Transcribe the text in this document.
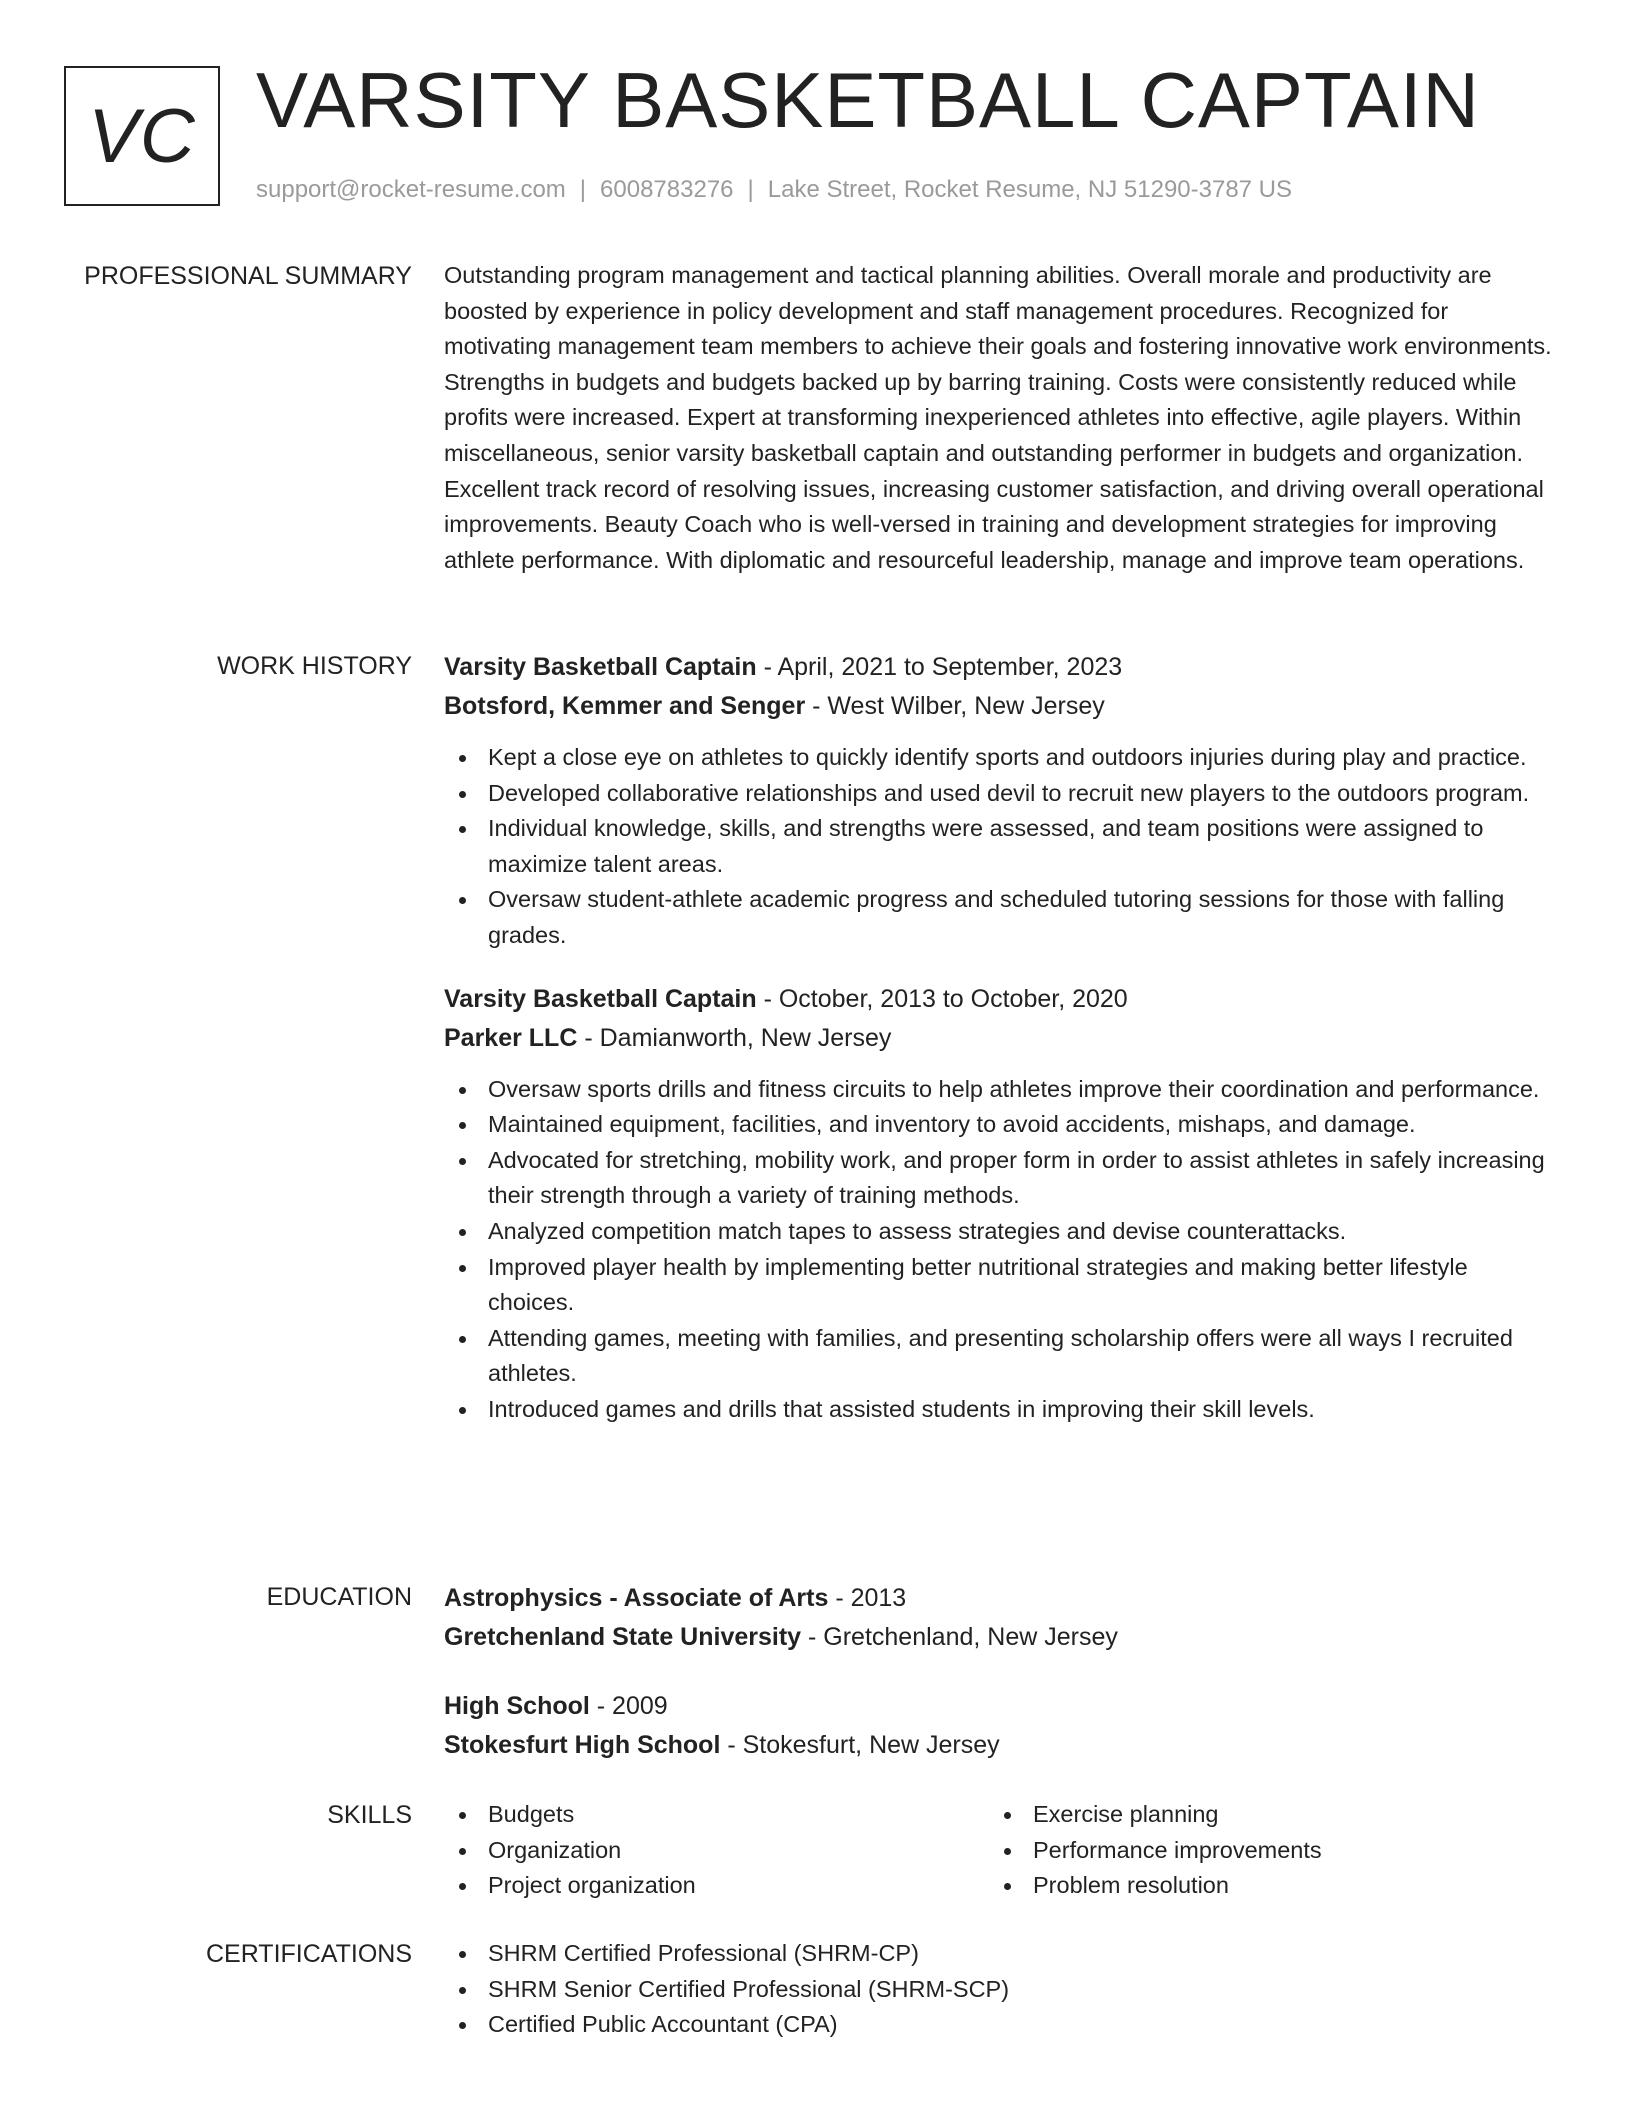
VC VARSITY BASKETBALL CAPTAIN
support@rocket-resume.com | 6008783276 | Lake Street, Rocket Resume, NJ 51290-3787 US
PROFESSIONAL SUMMARY Outstanding program management and tactical planning abilities. Overall morale and productivity are boosted by experience in policy development and staff management procedures. Recognized for motivating management team members to achieve their goals and fostering innovative work environments. Strengths in budgets and budgets backed up by barring training. Costs were consistently reduced while profits were increased. Expert at transforming inexperienced athletes into effective, agile players. Within miscellaneous, senior varsity basketball captain and outstanding performer in budgets and organization. Excellent track record of resolving issues, increasing customer satisfaction, and driving overall operational improvements. Beauty Coach who is well-versed in training and development strategies for improving athlete performance. With diplomatic and resourceful leadership, manage and improve team operations.

WORK HISTORY Varsity Basketball Captain - April, 2021 to September, 2023
Botsford, Kemmer and Senger - West Wilber, New Jersey
Kept a close eye on athletes to quickly identify sports and outdoors injuries during play and practice.
Developed collaborative relationships and used devil to recruit new players to the outdoors program.
Individual knowledge, skills, and strengths were assessed, and team positions were assigned to maximize talent areas.
Oversaw student-athlete academic progress and scheduled tutoring sessions for those with falling grades.
Varsity Basketball Captain - October, 2013 to October, 2020
Parker LLC - Damianworth, New Jersey
Oversaw sports drills and fitness circuits to help athletes improve their coordination and performance.
Maintained equipment, facilities, and inventory to avoid accidents, mishaps, and damage.
Advocated for stretching, mobility work, and proper form in order to assist athletes in safely increasing their strength through a variety of training methods.
Analyzed competition match tapes to assess strategies and devise counterattacks.
Improved player health by implementing better nutritional strategies and making better lifestyle choices.
Attending games, meeting with families, and presenting scholarship offers were all ways I recruited athletes.
Introduced games and drills that assisted students in improving their skill levels.
EDUCATION Astrophysics - Associate of Arts - 2013
Gretchenland State University - Gretchenland, New Jersey
High School - 2009
Stokesfurt High School - Stokesfurt, New Jersey
SKILLS	Budgets
Organization
Project organization
Exercise planning
Performance improvements
Problem resolution
CERTIFICATIONS	SHRM Certified Professional (SHRM-CP)
SHRM Senior Certified Professional (SHRM-SCP)
Certified Public Accountant (CPA)
